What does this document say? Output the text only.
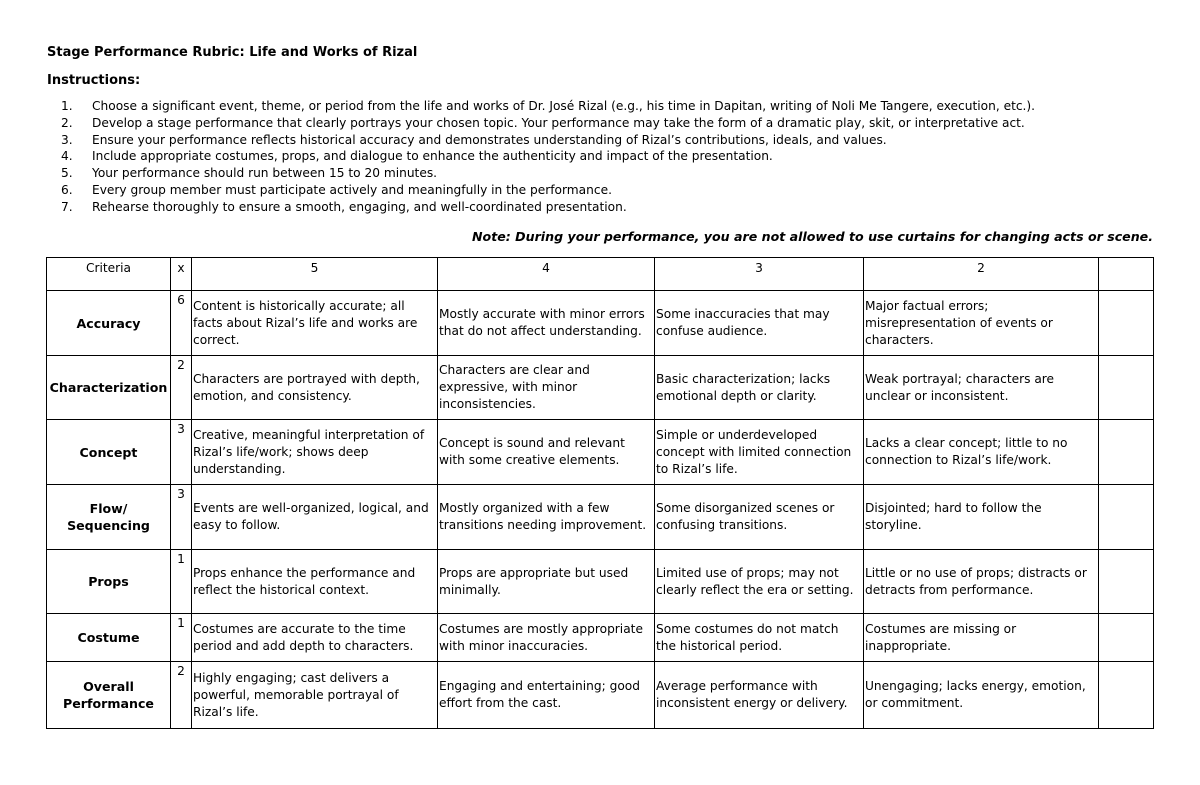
Stage Performance Rubric: Life and Works of Rizal
Instructions:
1. Choose a significant event, theme, or period from the life and works of Dr. José Rizal (e.g., his time in Dapitan, writing of Noli Me Tangere, execution, etc.).
2. Develop a stage performance that clearly portrays your chosen topic. Your performance may take the form of a dramatic play, skit, or interpretative act.
3. Ensure your performance reflects historical accuracy and demonstrates understanding of Rizal’s contributions, ideals, and values.
4. Include appropriate costumes, props, and dialogue to enhance the authenticity and impact of the presentation.
5. Your performance should run between 15 to 20 minutes.
6. Every group member must participate actively and meaningfully in the performance.
7. Rehearse thoroughly to ensure a smooth, engaging, and well-coordinated presentation.
Note: During your performance, you are not allowed to use curtains for changing acts or scene.
Criteria	x	5	4	3	2	
Accuracy	6	Content is historically accurate; all facts about Rizal’s life and works are correct.	Mostly accurate with minor errors that do not affect understanding.	Some inaccuracies that may confuse audience.	Major factual errors; misrepresentation of events or characters.	
Characterization	2	Characters are portrayed with depth, emotion, and consistency.	Characters are clear and expressive, with minor inconsistencies.	Basic characterization; lacks emotional depth or clarity.	Weak portrayal; characters are unclear or inconsistent.	
Concept	3	Creative, meaningful interpretation of Rizal’s life/work; shows deep understanding.	Concept is sound and relevant with some creative elements.	Simple or underdeveloped concept with limited connection to Rizal’s life.	Lacks a clear concept; little to no connection to Rizal’s life/work.	
Flow/ Sequencing	3	Events are well-organized, logical, and easy to follow.	Mostly organized with a few transitions needing improvement.	Some disorganized scenes or confusing transitions.	Disjointed; hard to follow the storyline.	
Props	1	Props enhance the performance and reflect the historical context.	Props are appropriate but used minimally.	Limited use of props; may not clearly reflect the era or setting.	Little or no use of props; distracts or detracts from performance.	
Costume	1	Costumes are accurate to the time period and add depth to characters.	Costumes are mostly appropriate with minor inaccuracies.	Some costumes do not match the historical period.	Costumes are missing or inappropriate.	
Overall Performance	2	Highly engaging; cast delivers a powerful, memorable portrayal of Rizal’s life.	Engaging and entertaining; good effort from the cast.	Average performance with inconsistent energy or delivery.	Unengaging; lacks energy, emotion, or commitment.	
